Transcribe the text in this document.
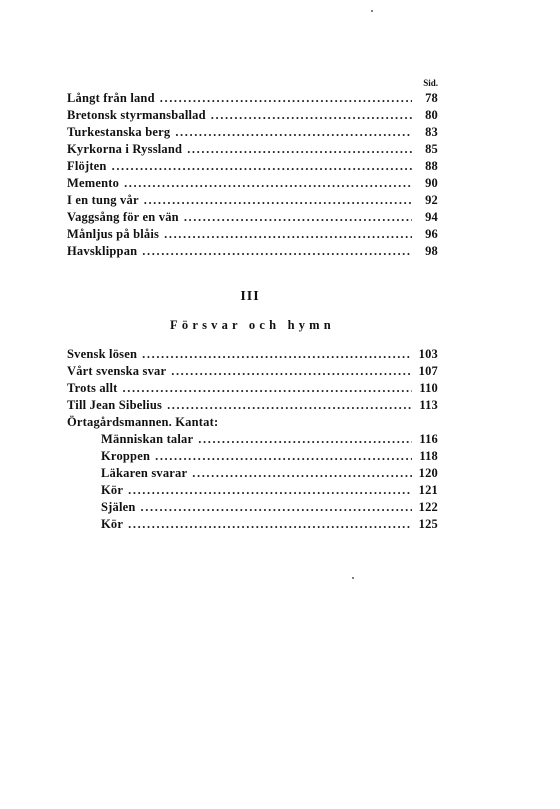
Sid.
Långt från land .....	78
Bretonsk styrmansballad .....	80
Turkestanska berg .....	83
Kyrkorna i Ryssland .....	85
Flöjten .....	88
Memento .....	90
I en tung vår .....	92
Vaggsång för en vän .....	94
Månljus på blåis .....	96
Havsklippan .....	98
III
Försvar och hymn
Svensk lösen .....	103
Vårt svenska svar .....	107
Trots allt .....	110
Till Jean Sibelius .....	113
Örtagårdsmannen. Kantat:
Människan talar .....	116
Kroppen .....	118
Läkaren svarar .....	120
Kör .....	121
Själen .....	122
Kör .....	125
